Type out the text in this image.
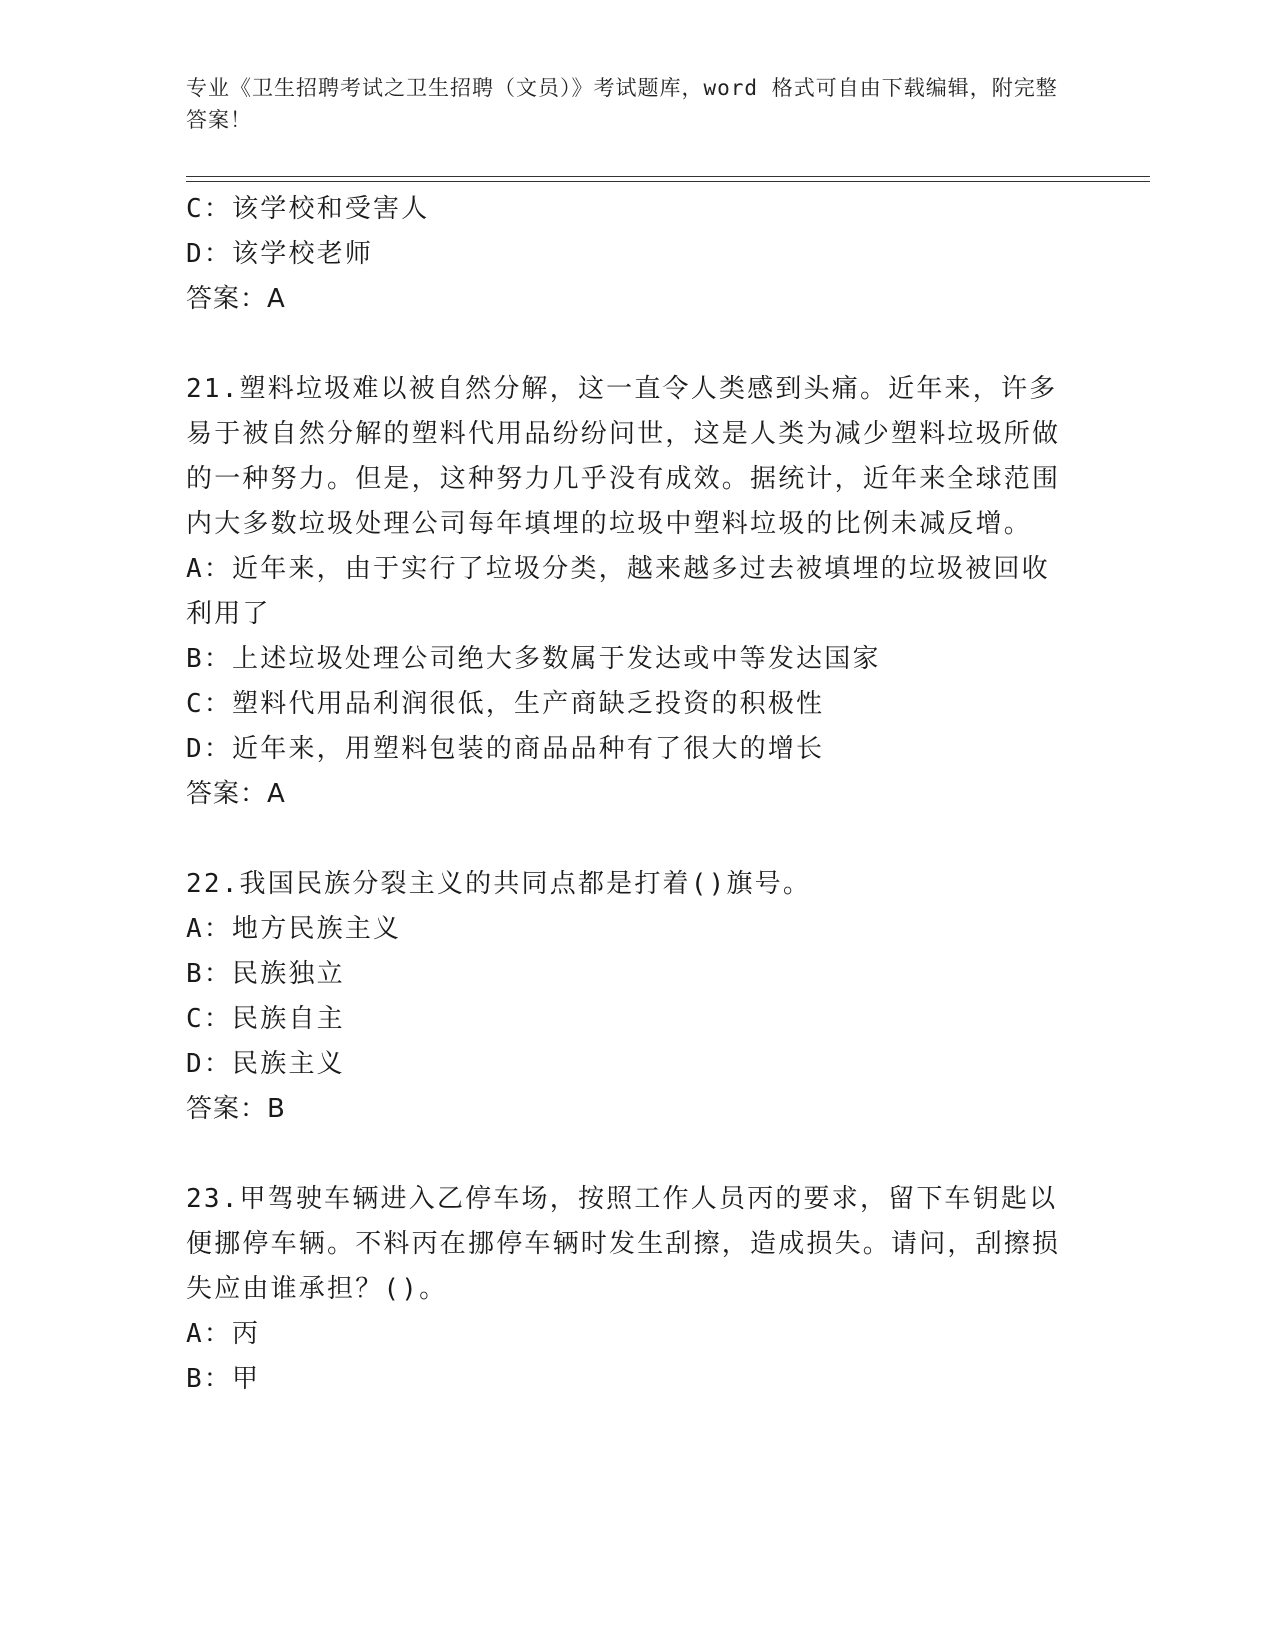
专业《卫生招聘考试之卫生招聘（文员）》考试题库，word 格式可自由下载编辑，附完整答案！
C：该学校和受害人
D：该学校老师
答案：A
21.塑料垃圾难以被自然分解，这一直令人类感到头痛。近年来，许多易于被自然分解的塑料代用品纷纷问世，这是人类为减少塑料垃圾所做的一种努力。但是，这种努力几乎没有成效。据统计，近年来全球范围内大多数垃圾处理公司每年填埋的垃圾中塑料垃圾的比例未减反增。
A：近年来，由于实行了垃圾分类，越来越多过去被填埋的垃圾被回收利用了
B：上述垃圾处理公司绝大多数属于发达或中等发达国家
C：塑料代用品利润很低，生产商缺乏投资的积极性
D：近年来，用塑料包装的商品品种有了很大的增长
答案：A
22.我国民族分裂主义的共同点都是打着()旗号。
A：地方民族主义
B：民族独立
C：民族自主
D：民族主义
答案：B
23.甲驾驶车辆进入乙停车场，按照工作人员丙的要求，留下车钥匙以便挪停车辆。不料丙在挪停车辆时发生刮擦，造成损失。请问，刮擦损失应由谁承担？()。
A：丙
B：甲
